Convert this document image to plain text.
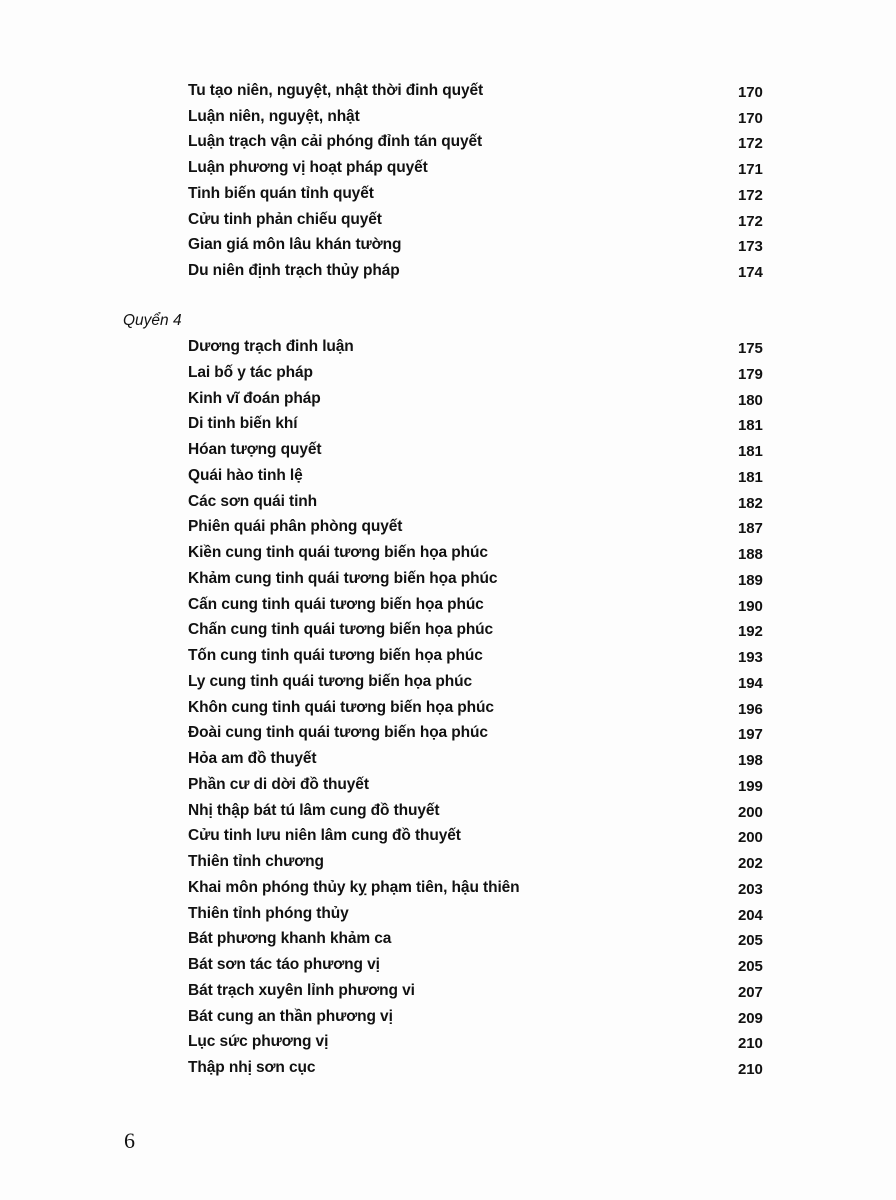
Tu tạo niên, nguyệt, nhật thời đinh quyết	170
Luận niên, nguyệt, nhật	170
Luận trạch vận cải phóng đỉnh tán quyết	172
Luận phương vị hoạt pháp quyết	171
Tinh biến quán tỉnh quyết	172
Cửu tinh phản chiếu quyết	172
Gian giá môn lâu khán tường	173
Du niên định trạch thủy pháp	174
Quyển 4
Dương trạch đinh luận	175
Lai bố y tác pháp	179
Kinh vĩ đoán pháp	180
Di tinh biến khí	181
Hóan tượng quyết	181
Quái hào tinh lệ	181
Các sơn quái tinh	182
Phiên quái phân phòng quyết	187
Kiền cung tinh quái tương biến họa phúc	188
Khảm cung tinh quái tương biến họa phúc	189
Cấn cung tinh quái tương biến họa phúc	190
Chấn cung tinh quái tương biến họa phúc	192
Tốn cung tinh quái tương biến họa phúc	193
Ly cung tinh quái tương biến họa phúc	194
Khôn cung tinh quái tương biến họa phúc	196
Đoài cung tinh quái tương biến họa phúc	197
Hỏa am đồ thuyết	198
Phần cư di dời đồ thuyết	199
Nhị thập bát tú lâm cung đồ thuyết	200
Cửu tinh lưu niên lâm cung đồ thuyết	200
Thiên tỉnh chương	202
Khai môn phóng thủy kỵ phạm tiên, hậu thiên	203
Thiên tỉnh phóng thủy	204
Bát phương khanh khảm ca	205
Bát sơn tác táo phương vị	205
Bát trạch xuyên lỉnh phương vi	207
Bát cung an thần phương vị	209
Lục sức phương vị	210
Thập nhị sơn cục	210
6
